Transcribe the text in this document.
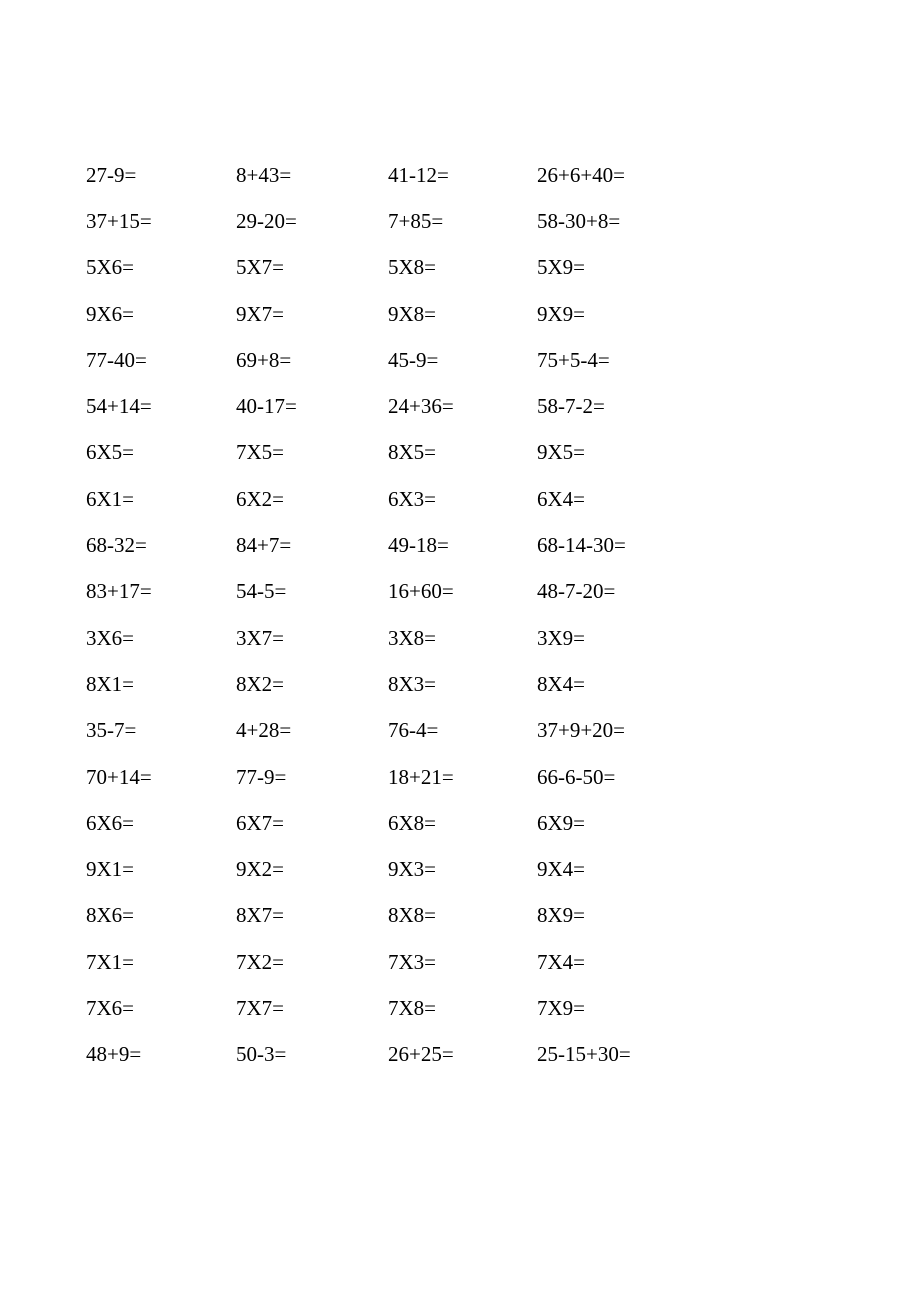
27-9=	8+43=	41-12=	26+6+40=
37+15=	29-20=	7+85=	58-30+8=
5X6=	5X7=	5X8=	5X9=
9X6=	9X7=	9X8=	9X9=
77-40=	69+8=	45-9=	75+5-4=
54+14=	40-17=	24+36=	58-7-2=
6X5=	7X5=	8X5=	9X5=
6X1=	6X2=	6X3=	6X4=
68-32=	84+7=	49-18=	68-14-30=
83+17=	54-5=	16+60=	48-7-20=
3X6=	3X7=	3X8=	3X9=
8X1=	8X2=	8X3=	8X4=
35-7=	4+28=	76-4=	37+9+20=
70+14=	77-9=	18+21=	66-6-50=
6X6=	6X7=	6X8=	6X9=
9X1=	9X2=	9X3=	9X4=
8X6=	8X7=	8X8=	8X9=
7X1=	7X2=	7X3=	7X4=
7X6=	7X7=	7X8=	7X9=
48+9=	50-3=	26+25=	25-15+30=
